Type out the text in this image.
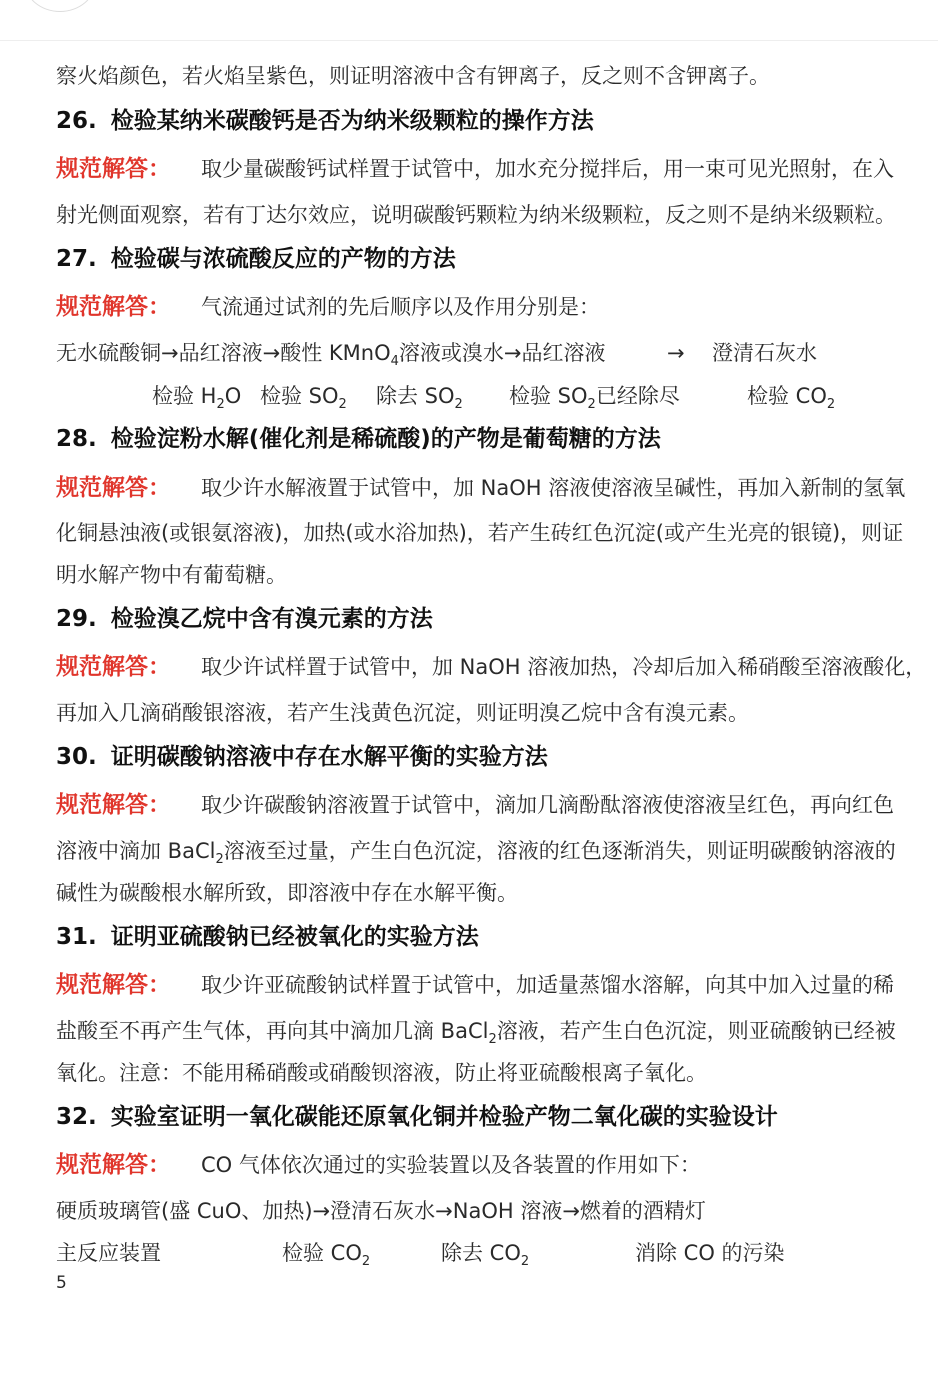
察火焰颜色，若火焰呈紫色，则证明溶液中含有钾离子，反之则不含钾离子。
26. 检验某纳米碳酸钙是否为纳米级颗粒的操作方法
规范解答： 取少量碳酸钙试样置于试管中，加水充分搅拌后，用一束可见光照射，在入
射光侧面观察，若有丁达尔效应，说明碳酸钙颗粒为纳米级颗粒，反之则不是纳米级颗粒。
27. 检验碳与浓硫酸反应的产物的方法
规范解答： 气流通过试剂的先后顺序以及作用分别是：
无水硫酸铜→品红溶液→酸性 KMnO$_4$溶液或溴水→品红溶液	→ 澄清石灰水
检验 $H_2O$ 检验 $SO_2$ 除去 $SO_2$ 检验 $SO_2$已经除尽	检验 $CO_2$
28. 检验淀粉水解(催化剂是稀硫酸)的产物是葡萄糖的方法
规范解答： 取少许水解液置于试管中，加 NaOH 溶液使溶液呈碱性，再加入新制的氢氧
化铜悬浊液(或银氨溶液)，加热(或水浴加热)，若产生砖红色沉淀(或产生光亮的银镜)，则证
明水解产物中有葡萄糖。
29. 检验溴乙烷中含有溴元素的方法
规范解答： 取少许试样置于试管中，加 NaOH 溶液加热，冷却后加入稀硝酸至溶液酸化，
再加入几滴硝酸银溶液，若产生浅黄色沉淀，则证明溴乙烷中含有溴元素。
30. 证明碳酸钠溶液中存在水解平衡的实验方法
规范解答： 取少许碳酸钠溶液置于试管中，滴加几滴酚酞溶液使溶液呈红色，再向红色
溶液中滴加 BaCl$_2$溶液至过量，产生白色沉淀，溶液的红色逐渐消失，则证明碳酸钠溶液的
碱性为碳酸根水解所致，即溶液中存在水解平衡。
31. 证明亚硫酸钠已经被氧化的实验方法
规范解答： 取少许亚硫酸钠试样置于试管中，加适量蒸馏水溶解，向其中加入过量的稀
盐酸至不再产生气体，再向其中滴加几滴 BaCl$_2$溶液，若产生白色沉淀，则亚硫酸钠已经被
氧化。注意：不能用稀硝酸或硝酸钡溶液，防止将亚硫酸根离子氧化。
32. 实验室证明一氧化碳能还原氧化铜并检验产物二氧化碳的实验设计
规范解答： CO 气体依次通过的实验装置以及各装置的作用如下：
硬质玻璃管(盛 CuO、加热)→澄清石灰水→NaOH 溶液→燃着的酒精灯
主反应装置	检验 $CO_2$	除去 $CO_2$	消除 CO 的污染
5
